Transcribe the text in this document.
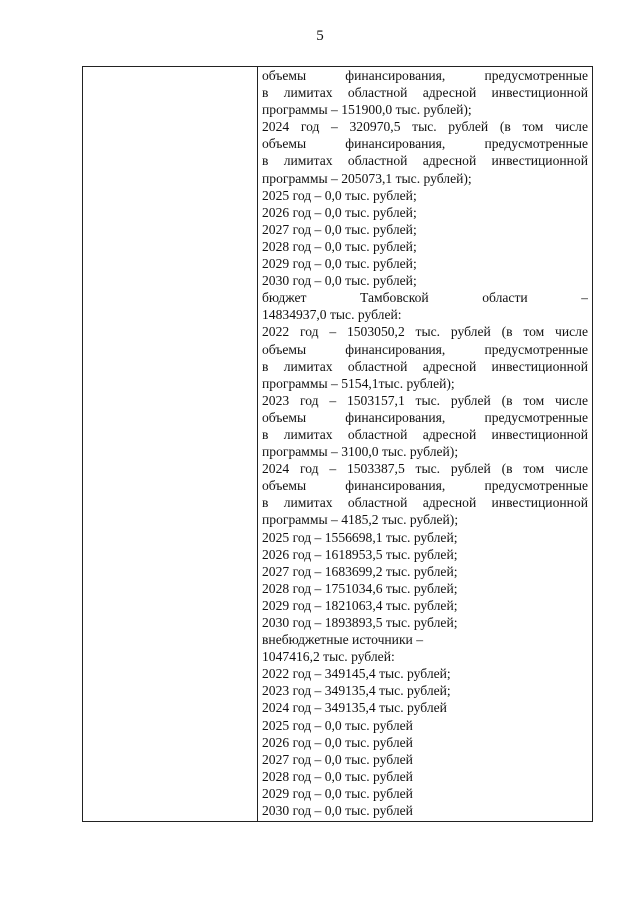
5
объемы финансирования, предусмотренные
в лимитах областной адресной инвестиционной
программы – 151900,0 тыс. рублей);
2024 год – 320970,5 тыс. рублей (в том числе
объемы финансирования, предусмотренные
в лимитах областной адресной инвестиционной
программы – 205073,1 тыс. рублей);
2025 год – 0,0 тыс. рублей;
2026 год – 0,0 тыс. рублей;
2027 год – 0,0 тыс. рублей;
2028 год – 0,0 тыс. рублей;
2029 год – 0,0 тыс. рублей;
2030 год – 0,0 тыс. рублей;
бюджет Тамбовской области –
14834937,0 тыс. рублей:
2022 год – 1503050,2 тыс. рублей (в том числе
объемы финансирования, предусмотренные
в лимитах областной адресной инвестиционной
программы – 5154,1тыс. рублей);
2023 год – 1503157,1 тыс. рублей (в том числе
объемы финансирования, предусмотренные
в лимитах областной адресной инвестиционной
программы – 3100,0 тыс. рублей);
2024 год – 1503387,5 тыс. рублей (в том числе
объемы финансирования, предусмотренные
в лимитах областной адресной инвестиционной
программы – 4185,2 тыс. рублей);
2025 год – 1556698,1 тыс. рублей;
2026 год – 1618953,5 тыс. рублей;
2027 год – 1683699,2 тыс. рублей;
2028 год – 1751034,6 тыс. рублей;
2029 год – 1821063,4 тыс. рублей;
2030 год – 1893893,5 тыс. рублей;
внебюджетные источники –
1047416,2 тыс. рублей:
2022 год – 349145,4 тыс. рублей;
2023 год – 349135,4 тыс. рублей;
2024 год – 349135,4 тыс. рублей
2025 год – 0,0 тыс. рублей
2026 год – 0,0 тыс. рублей
2027 год – 0,0 тыс. рублей
2028 год – 0,0 тыс. рублей
2029 год – 0,0 тыс. рублей
2030 год – 0,0 тыс. рублей
